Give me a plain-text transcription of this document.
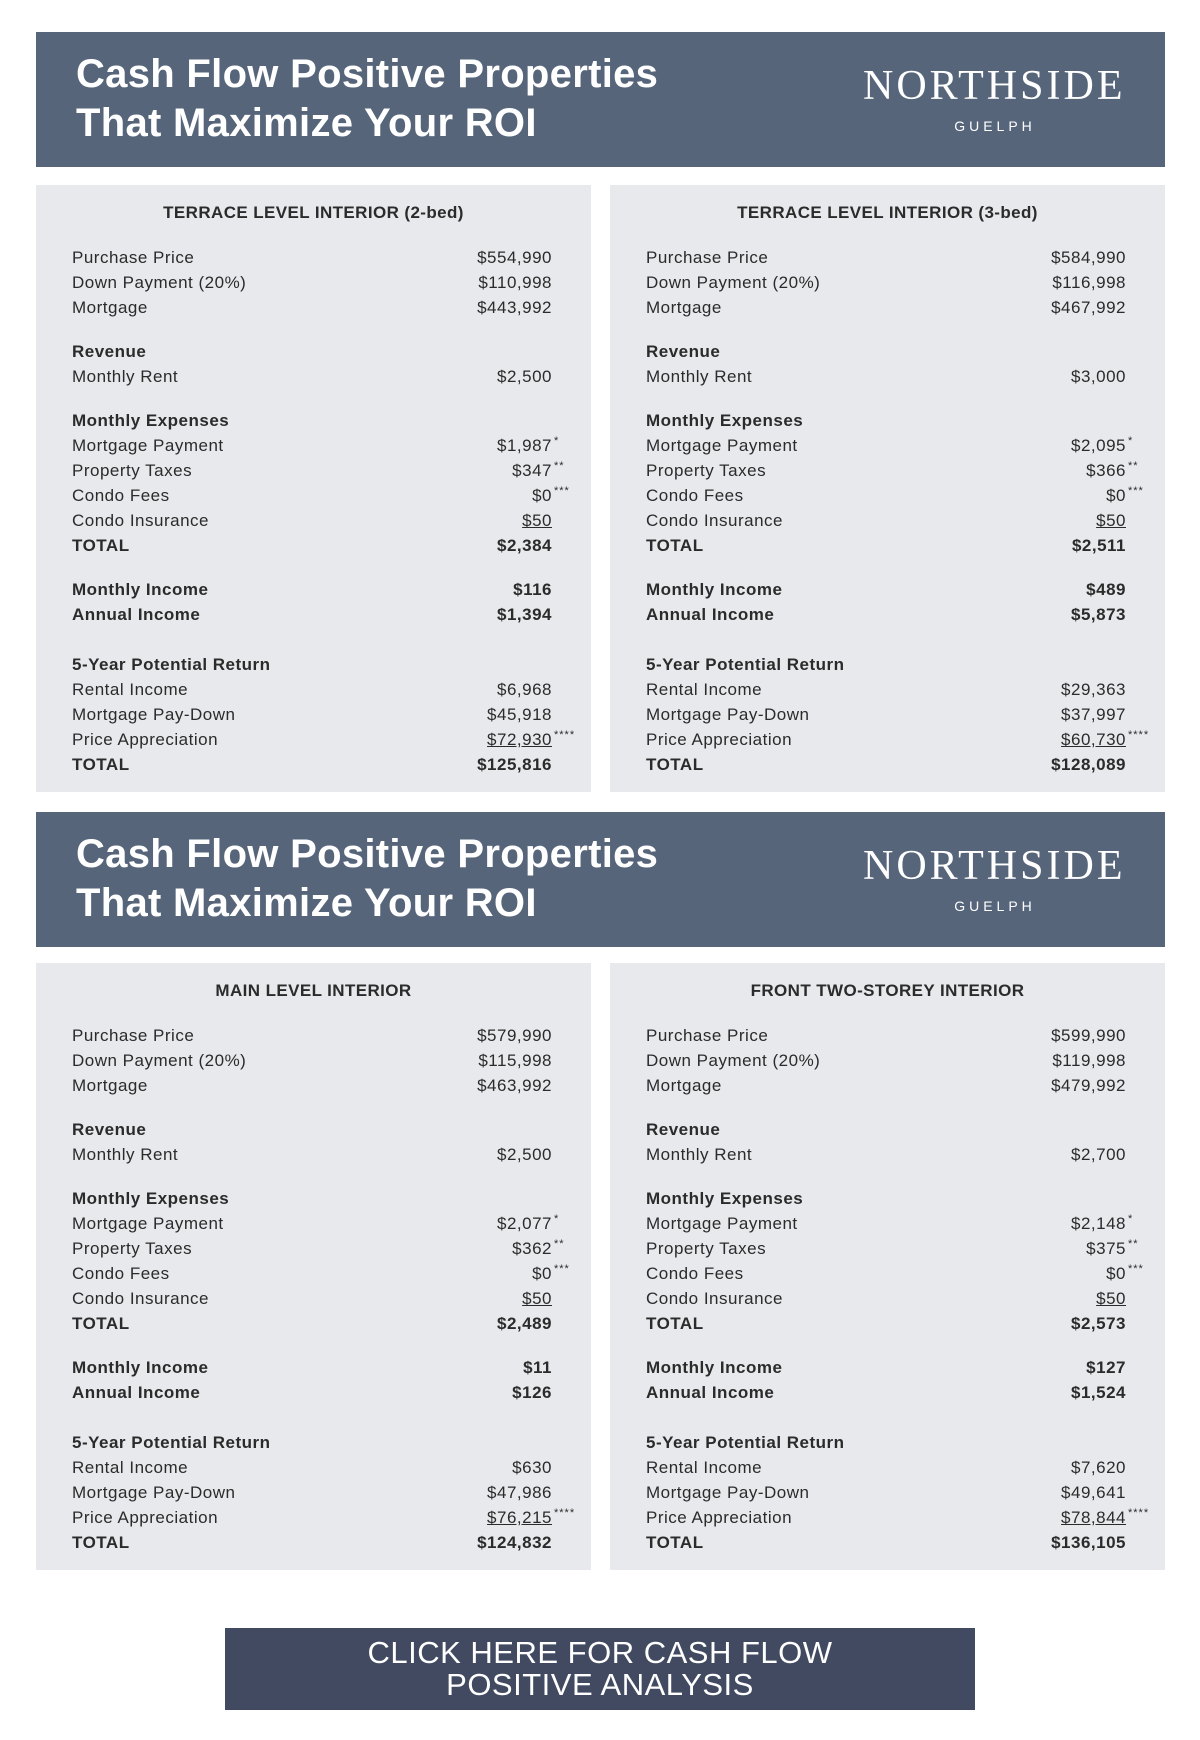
Cash Flow Positive Properties
That Maximize Your ROI
NORTHSIDE
GUELPH
Cash Flow Positive Properties
That Maximize Your ROI
NORTHSIDE
GUELPH
TERRACE LEVEL INTERIOR (2-bed)
Purchase Price	$554,990
Down Payment (20%)	$110,998
Mortgage	$443,992
Revenue
Monthly Rent	$2,500
Monthly Expenses
Mortgage Payment	$1,987 *
Property Taxes	$347 **
Condo Fees	$0 ***
Condo Insurance	$50
TOTAL	$2,384
Monthly Income	$116
Annual Income	$1,394
5-Year Potential Return
Rental Income	$6,968
Mortgage Pay-Down	$45,918
Price Appreciation	$72,930 ****
TOTAL	$125,816
TERRACE LEVEL INTERIOR (3-bed)
Purchase Price	$584,990
Down Payment (20%)	$116,998
Mortgage	$467,992
Revenue
Monthly Rent	$3,000
Monthly Expenses
Mortgage Payment	$2,095 *
Property Taxes	$366 **
Condo Fees	$0 ***
Condo Insurance	$50
TOTAL	$2,511
Monthly Income	$489
Annual Income	$5,873
5-Year Potential Return
Rental Income	$29,363
Mortgage Pay-Down	$37,997
Price Appreciation	$60,730 ****
TOTAL	$128,089
MAIN LEVEL INTERIOR
Purchase Price	$579,990
Down Payment (20%)	$115,998
Mortgage	$463,992
Revenue
Monthly Rent	$2,500
Monthly Expenses
Mortgage Payment	$2,077 *
Property Taxes	$362 **
Condo Fees	$0 ***
Condo Insurance	$50
TOTAL	$2,489
Monthly Income	$11
Annual Income	$126
5-Year Potential Return
Rental Income	$630
Mortgage Pay-Down	$47,986
Price Appreciation	$76,215 ****
TOTAL	$124,832
FRONT TWO-STOREY INTERIOR
Purchase Price	$599,990
Down Payment (20%)	$119,998
Mortgage	$479,992
Revenue
Monthly Rent	$2,700
Monthly Expenses
Mortgage Payment	$2,148 *
Property Taxes	$375 **
Condo Fees	$0 ***
Condo Insurance	$50
TOTAL	$2,573
Monthly Income	$127
Annual Income	$1,524
5-Year Potential Return
Rental Income	$7,620
Mortgage Pay-Down	$49,641
Price Appreciation	$78,844 ****
TOTAL	$136,105
CLICK HERE FOR CASH FLOW
POSITIVE ANALYSIS
